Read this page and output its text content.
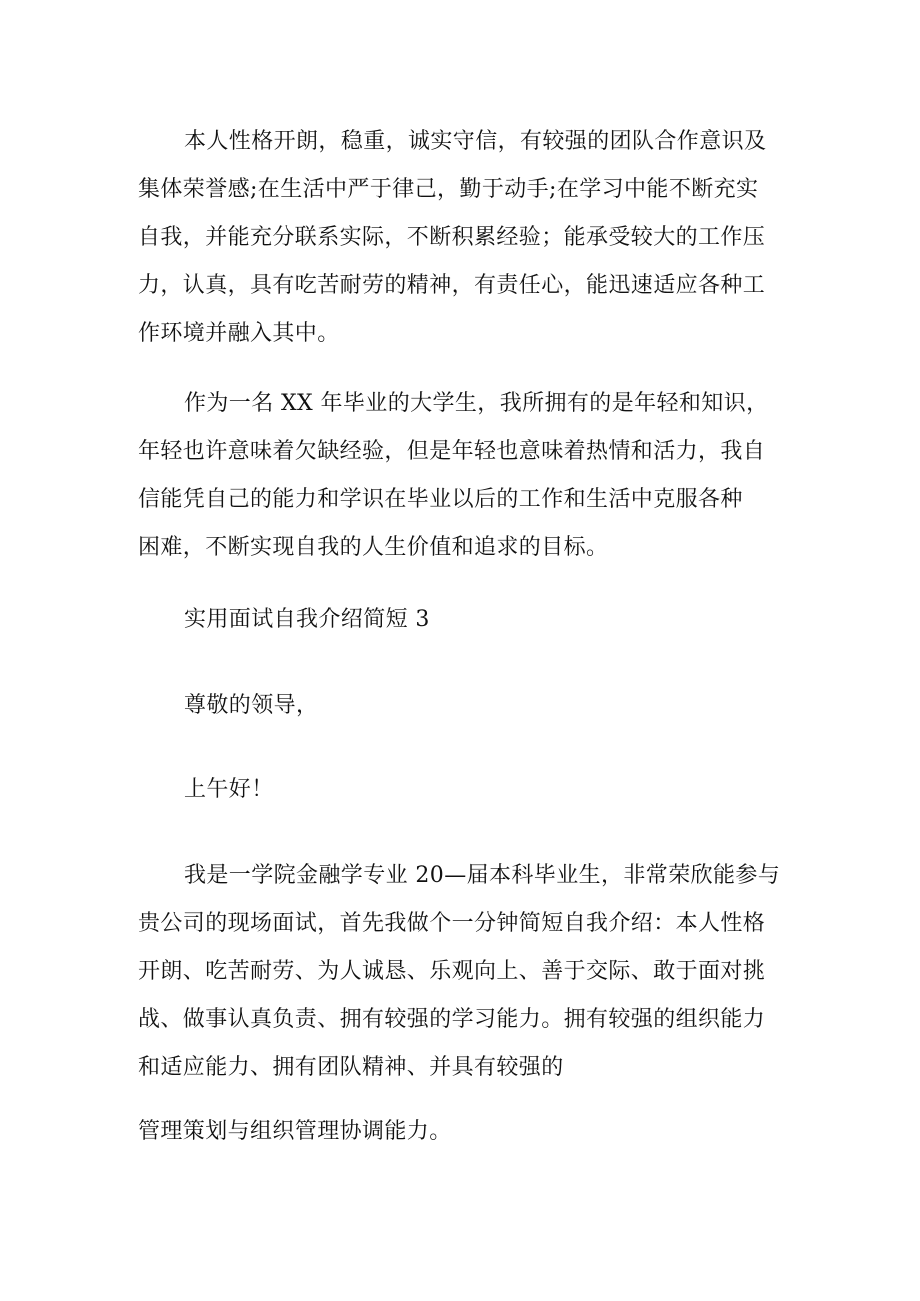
本人性格开朗，稳重，诚实守信，有较强的团队合作意识及
集体荣誉感;在生活中严于律己，勤于动手;在学习中能不断充实
自我，并能充分联系实际，不断积累经验；能承受较大的工作压
力，认真，具有吃苦耐劳的精神，有责任心，能迅速适应各种工
作环境并融入其中。

作为一名 XX 年毕业的大学生，我所拥有的是年轻和知识，
年轻也许意味着欠缺经验，但是年轻也意味着热情和活力，我自
信能凭自己的能力和学识在毕业以后的工作和生活中克服各种
困难，不断实现自我的人生价值和追求的目标。

实用面试自我介绍简短 3

尊敬的领导，

上午好！

我是一学院金融学专业 20—届本科毕业生，非常荣欣能参与
贵公司的现场面试，首先我做个一分钟简短自我介绍：本人性格
开朗、吃苦耐劳、为人诚恳、乐观向上、善于交际、敢于面对挑
战、做事认真负责、拥有较强的学习能力。拥有较强的组织能力
和适应能力、拥有团队精神、并具有较强的

管理策划与组织管理协调能力。
